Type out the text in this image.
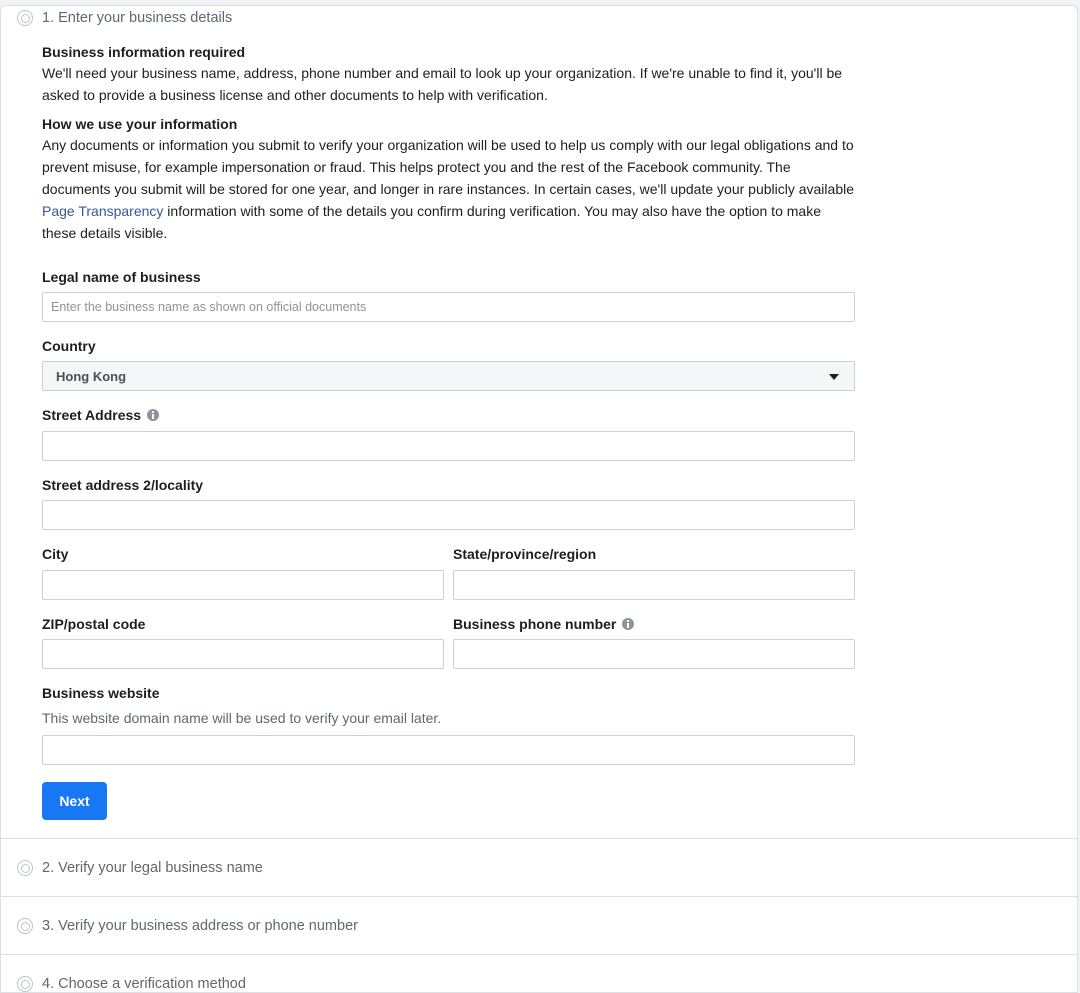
1. Enter your business details
Business information required
We'll need your business name, address, phone number and email to look up your organization. If we're unable to find it, you'll be asked to provide a business license and other documents to help with verification.
How we use your information
Any documents or information you submit to verify your organization will be used to help us comply with our legal obligations and to prevent misuse, for example impersonation or fraud. This helps protect you and the rest of the Facebook community. The documents you submit will be stored for one year, and longer in rare instances. In certain cases, we'll update your publicly available Page Transparency information with some of the details you confirm during verification. You may also have the option to make these details visible.
Legal name of business
Enter the business name as shown on official documents
Country
Hong Kong
Street Address
Street address 2/locality
City	State/province/region
ZIP/postal code	Business phone number
Business website
This website domain name will be used to verify your email later.
Next
2. Verify your legal business name
3. Verify your business address or phone number
4. Choose a verification method
